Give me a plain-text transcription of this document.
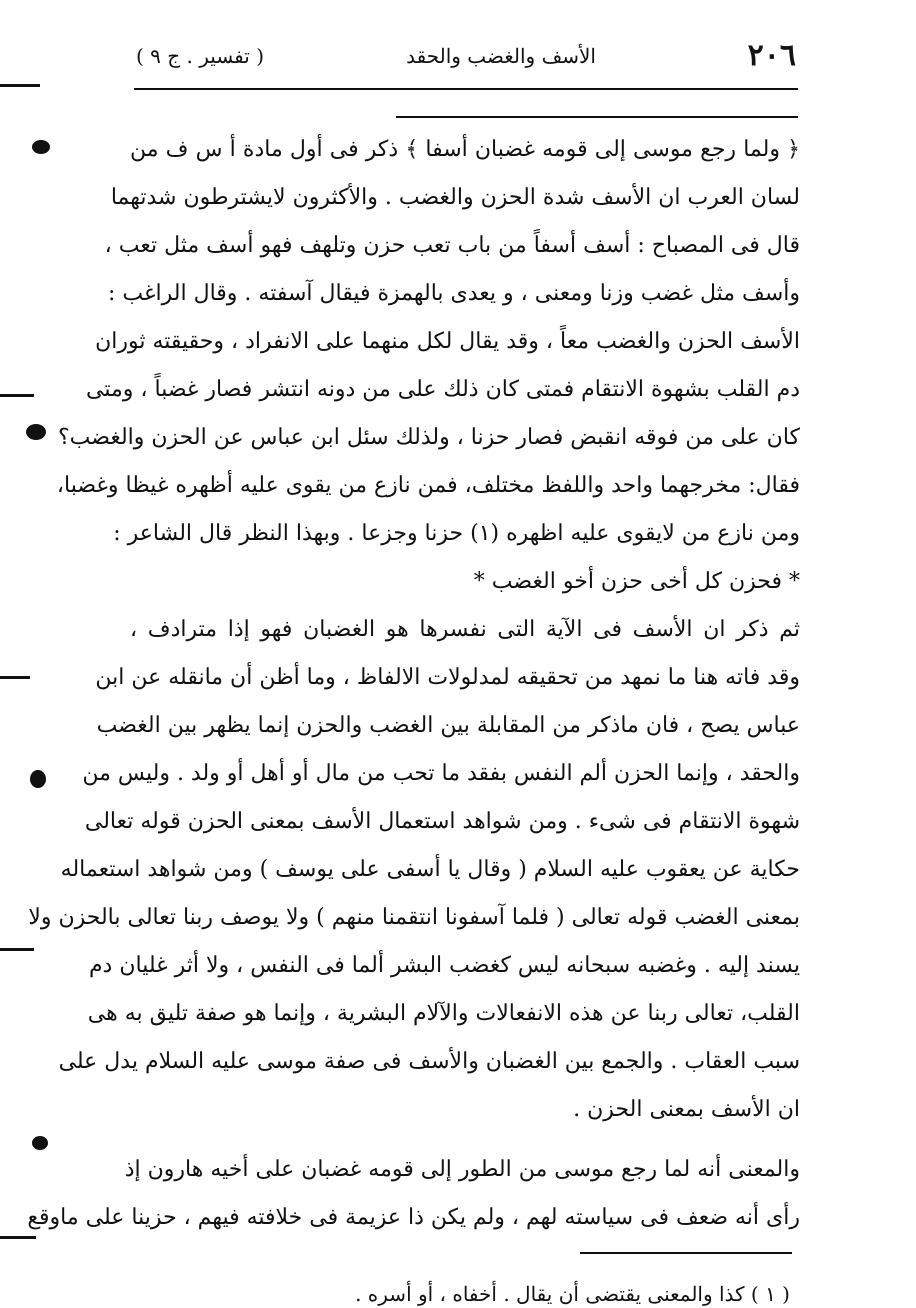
٢٠٦
الأسف والغضب والحقد
( تفسير . ج ٩ )
﴿ ولما رجع موسى إلى قومه غضبان أسفا ﴾ ذكر فى أول مادة أ س ف من
لسان العرب ان الأسف شدة الحزن والغضب . والأكثرون لايشترطون شدتهما
قال فى المصباح : أسف أسفاً من باب تعب حزن وتلهف فهو أسف مثل تعب ،
وأسف مثل غضب وزنا ومعنى ، و يعدى بالهمزة فيقال آسفته . وقال الراغب :
الأسف الحزن والغضب معاً ، وقد يقال لكل منهما على الانفراد ، وحقيقته ثوران
دم القلب بشهوة الانتقام فمتى كان ذلك على من دونه انتشر فصار غضباً ، ومتى
كان على من فوقه انقبض فصار حزنا ، ولذلك سئل ابن عباس عن الحزن والغضب؟
فقال: مخرجهما واحد واللفظ مختلف، فمن نازع من يقوى عليه أظهره غيظا وغضبا،
ومن نازع من لايقوى عليه اظهره (١) حزنا وجزعا . وبهذا النظر قال الشاعر :
* فحزن كل أخى حزن أخو الغضب *
ثم ذكر ان الأسف فى الآية التى نفسرها هو الغضبان فهو إذا مترادف ،
وقد فاته هنا ما نمهد من تحقيقه لمدلولات الالفاظ ، وما أظن أن مانقله عن ابن
عباس يصح ، فان ماذكر من المقابلة بين الغضب والحزن إنما يظهر بين الغضب
والحقد ، وإنما الحزن ألم النفس بفقد ما تحب من مال أو أهل أو ولد . وليس من
شهوة الانتقام فى شىء . ومن شواهد استعمال الأسف بمعنى الحزن قوله تعالى
حكاية عن يعقوب عليه السلام ( وقال يا أسفى على يوسف ) ومن شواهد استعماله
بمعنى الغضب قوله تعالى ( فلما آسفونا انتقمنا منهم ) ولا يوصف ربنا تعالى بالحزن ولا
يسند إليه . وغضبه سبحانه ليس كغضب البشر ألما فى النفس ، ولا أثر غليان دم
القلب، تعالى ربنا عن هذه الانفعالات والآلام البشرية ، وإنما هو صفة تليق به هى
سبب العقاب . والجمع بين الغضبان والأسف فى صفة موسى عليه السلام يدل على
ان الأسف بمعنى الحزن .
والمعنى أنه لما رجع موسى من الطور إلى قومه غضبان على أخيه هارون إذ
رأى أنه ضعف فى سياسته لهم ، ولم يكن ذا عزيمة فى خلافته فيهم ، حزينا على ماوقع
( ١ ) كذا والمعنى يقتضى أن يقال . أخفاه ، أو أسره .
